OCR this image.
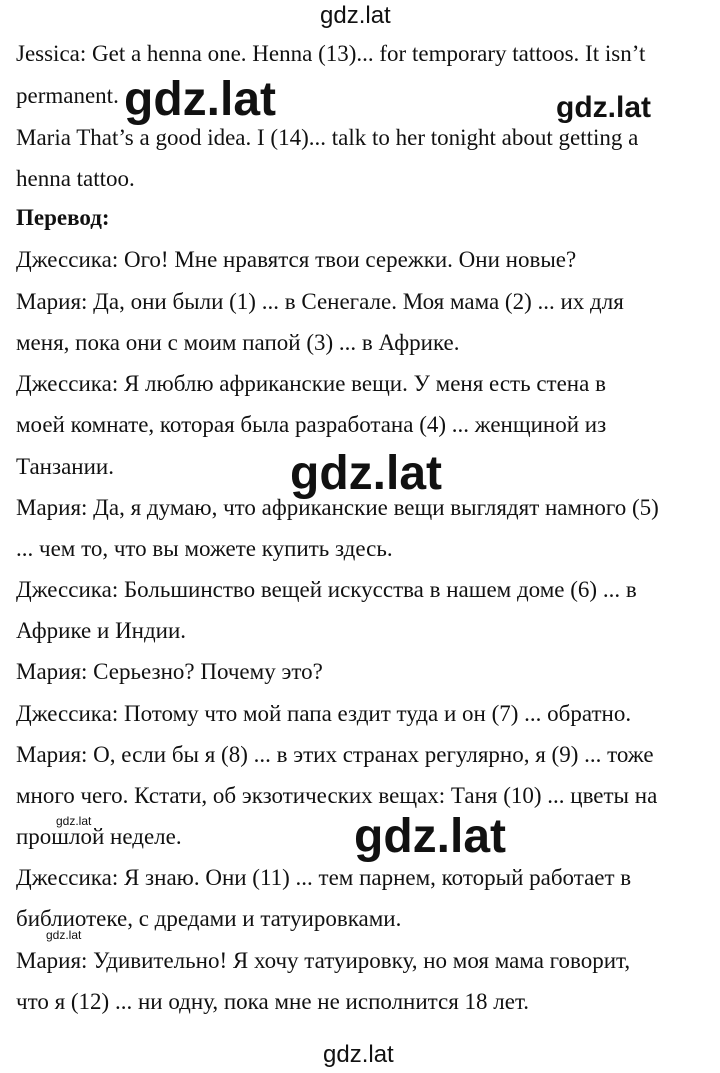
gdz.lat
Jessica: Get a henna one. Henna (13)... for temporary tattoos. It isn’t
permanent.
Maria That’s a good idea. I (14)... talk to her tonight about getting a
henna tattoo.
Перевод:
Джессика: Ого! Мне нравятся твои сережки. Они новые?
Мария: Да, они были (1) ... в Сенегале. Моя мама (2) ... их для
меня, пока они с моим папой (3) ... в Африке.
Джессика: Я люблю африканские вещи. У меня есть стена в
моей комнате, которая была разработана (4) ... женщиной из
Танзании.
Мария: Да, я думаю, что африканские вещи выглядят намного (5)
... чем то, что вы можете купить здесь.
Джессика: Большинство вещей искусства в нашем доме (6) ... в
Африке и Индии.
Мария: Серьезно? Почему это?
Джессика: Потому что мой папа ездит туда и он (7) ... обратно.
Мария: О, если бы я (8) ... в этих странах регулярно, я (9) ... тоже
много чего. Кстати, об экзотических вещах: Таня (10) ... цветы на
прошлой неделе.
Джессика: Я знаю. Они (11) ... тем парнем, который работает в
библиотеке, с дредами и татуировками.
Мария: Удивительно! Я хочу татуировку, но моя мама говорит,
что я (12) ... ни одну, пока мне не исполнится 18 лет.
gdz.lat	gdz.lat
gdz.lat
gdz.lat
gdz.lat
gdz.lat
gdz.lat
